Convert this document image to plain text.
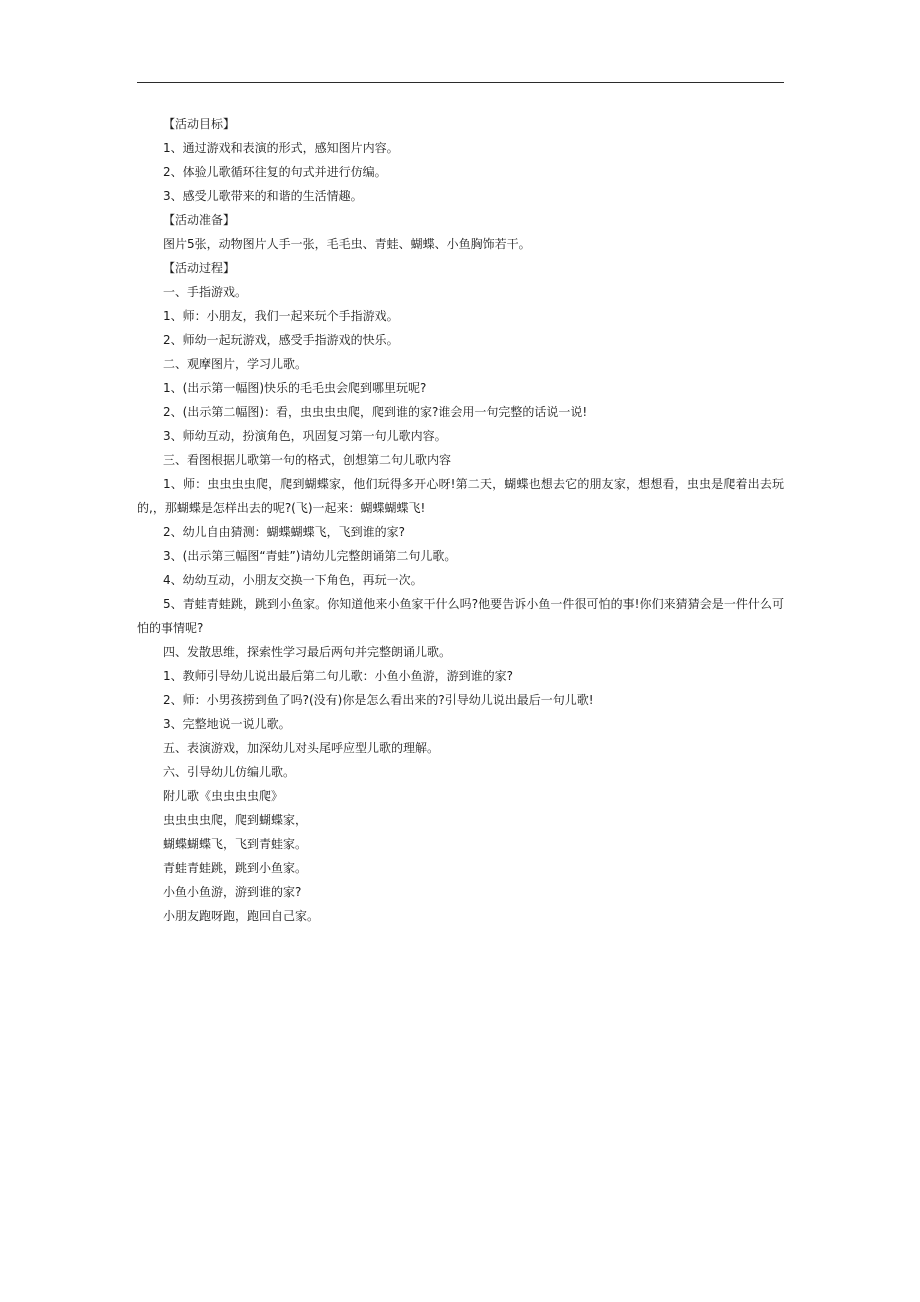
【活动目标】

1、通过游戏和表演的形式，感知图片内容。

2、体验儿歌循环往复的句式并进行仿编。

3、感受儿歌带来的和谐的生活情趣。

【活动准备】

图片5张，动物图片人手一张，毛毛虫、青蛙、蝴蝶、小鱼胸饰若干。

【活动过程】

一、手指游戏。

1、师：小朋友，我们一起来玩个手指游戏。

2、师幼一起玩游戏，感受手指游戏的快乐。

二、观摩图片，学习儿歌。

1、(出示第一幅图)快乐的毛毛虫会爬到哪里玩呢?

2、(出示第二幅图)：看，虫虫虫虫爬，爬到谁的家?谁会用一句完整的话说一说!

3、师幼互动，扮演角色，巩固复习第一句儿歌内容。

三、看图根据儿歌第一句的格式，创想第二句儿歌内容

1、师：虫虫虫虫爬，爬到蝴蝶家，他们玩得多开心呀!第二天，蝴蝶也想去它的朋友家，想想看，虫虫是爬着出去玩的,，那蝴蝶是怎样出去的呢?(飞)一起来：蝴蝶蝴蝶飞!

2、幼儿自由猜测：蝴蝶蝴蝶飞，飞到谁的家?

3、(出示第三幅图“青蛙”)请幼儿完整朗诵第二句儿歌。

4、幼幼互动，小朋友交换一下角色，再玩一次。

5、青蛙青蛙跳，跳到小鱼家。你知道他来小鱼家干什么吗?他要告诉小鱼一件很可怕的事!你们来猜猜会是一件什么可怕的事情呢?

四、发散思维，探索性学习最后两句并完整朗诵儿歌。

1、教师引导幼儿说出最后第二句儿歌：小鱼小鱼游，游到谁的家?

2、师：小男孩捞到鱼了吗?(没有)你是怎么看出来的?引导幼儿说出最后一句儿歌!

3、完整地说一说儿歌。

五、表演游戏，加深幼儿对头尾呼应型儿歌的理解。

六、引导幼儿仿编儿歌。

附儿歌《虫虫虫虫爬》

虫虫虫虫爬，爬到蝴蝶家，

蝴蝶蝴蝶飞，飞到青蛙家。

青蛙青蛙跳，跳到小鱼家。

小鱼小鱼游，游到谁的家?

小朋友跑呀跑，跑回自己家。
